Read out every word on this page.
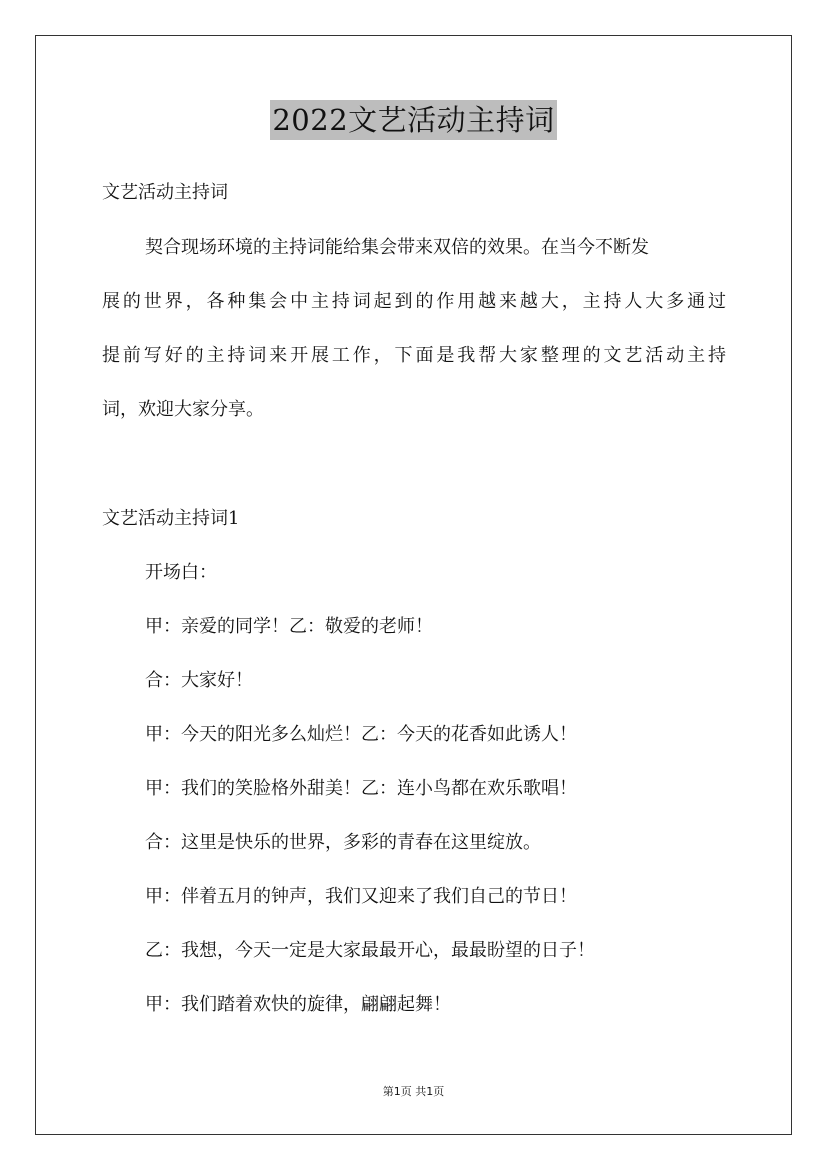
2022文艺活动主持词
文艺活动主持词
契合现场环境的主持词能给集会带来双倍的效果。在当今不断发
展的世界，各种集会中主持词起到的作用越来越大，主持人大多通过
提前写好的主持词来开展工作，下面是我帮大家整理的文艺活动主持
词，欢迎大家分享。
文艺活动主持词1
开场白：
甲：亲爱的同学！乙：敬爱的老师！
合：大家好！
甲：今天的阳光多么灿烂！乙：今天的花香如此诱人！
甲：我们的笑脸格外甜美！乙：连小鸟都在欢乐歌唱！
合：这里是快乐的世界，多彩的青春在这里绽放。
甲：伴着五月的钟声，我们又迎来了我们自己的节日！
乙：我想，今天一定是大家最最开心，最最盼望的日子！
甲：我们踏着欢快的旋律，翩翩起舞！
第1页 共1页
